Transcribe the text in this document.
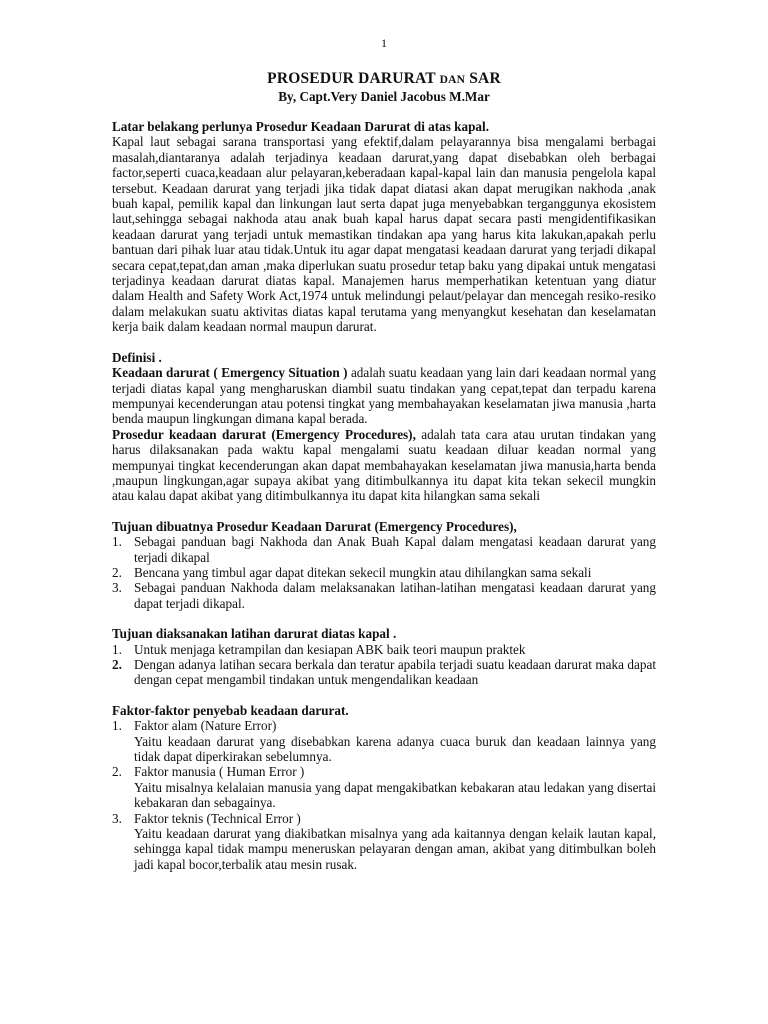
1
PROSEDUR DARURAT DAN SAR
By, Capt.Very Daniel Jacobus M.Mar
Latar belakang perlunya Prosedur Keadaan Darurat di atas kapal.

Kapal laut sebagai sarana transportasi yang efektif,dalam pelayarannya bisa mengalami berbagai masalah,diantaranya adalah terjadinya keadaan darurat,yang dapat disebabkan oleh berbagai factor,seperti cuaca,keadaan alur pelayaran,keberadaan kapal-kapal lain dan manusia pengelola kapal tersebut. Keadaan darurat yang terjadi jika tidak dapat diatasi akan dapat merugikan nakhoda ,anak buah kapal, pemilik kapal dan linkungan laut serta dapat juga menyebabkan terganggunya ekosistem laut,sehingga sebagai nakhoda atau anak buah kapal harus dapat secara pasti mengidentifikasikan keadaan darurat yang terjadi untuk memastikan tindakan apa yang harus kita lakukan,apakah perlu bantuan dari pihak luar atau tidak.Untuk itu agar dapat mengatasi keadaan darurat yang terjadi dikapal secara cepat,tepat,dan aman ,maka diperlukan suatu prosedur tetap baku yang dipakai untuk mengatasi terjadinya keadaan darurat diatas kapal. Manajemen harus memperhatikan ketentuan yang diatur dalam Health and Safety Work Act,1974 untuk melindungi pelaut/pelayar dan mencegah resiko-resiko dalam melakukan suatu aktivitas diatas kapal terutama yang menyangkut kesehatan dan keselamatan kerja baik dalam keadaan normal maupun darurat.

Definisi .

Keadaan darurat ( Emergency Situation ) adalah suatu keadaan yang lain dari keadaan normal yang terjadi diatas kapal yang mengharuskan diambil suatu tindakan yang cepat,tepat dan terpadu karena mempunyai kecenderungan atau potensi tingkat yang membahayakan keselamatan jiwa manusia ,harta benda maupun lingkungan dimana kapal berada.

Prosedur keadaan darurat (Emergency Procedures), adalah tata cara atau urutan tindakan yang harus dilaksanakan pada waktu kapal mengalami suatu keadaan diluar keadan normal yang mempunyai tingkat kecenderungan akan dapat membahayakan keselamatan jiwa manusia,harta benda ,maupun lingkungan,agar supaya akibat yang ditimbulkannya itu dapat kita tekan sekecil mungkin atau kalau dapat akibat yang ditimbulkannya itu dapat kita hilangkan sama sekali

Tujuan dibuatnya Prosedur Keadaan Darurat (Emergency Procedures),
1. Sebagai panduan bagi Nakhoda dan Anak Buah Kapal dalam mengatasi keadaan darurat yang terjadi dikapal
2. Bencana yang timbul agar dapat ditekan sekecil mungkin atau dihilangkan sama sekali
3. Sebagai panduan Nakhoda dalam melaksanakan latihan-latihan mengatasi keadaan darurat yang dapat terjadi dikapal.
Tujuan diaksanakan latihan darurat diatas kapal .
1. Untuk menjaga ketrampilan dan kesiapan ABK baik teori maupun praktek
2. Dengan adanya latihan secara berkala dan teratur apabila terjadi suatu keadaan darurat maka dapat dengan cepat mengambil tindakan untuk mengendalikan keadaan
Faktor-faktor penyebab keadaan darurat.
1. Faktor alam (Nature Error)
Yaitu keadaan darurat yang disebabkan karena adanya cuaca buruk dan keadaan lainnya yang tidak dapat diperkirakan sebelumnya.
2. Faktor manusia ( Human Error )
Yaitu misalnya kelalaian manusia yang dapat mengakibatkan kebakaran atau ledakan yang disertai kebakaran dan sebagainya.
3. Faktor teknis (Technical Error )
Yaitu keadaan darurat yang diakibatkan misalnya yang ada kaitannya dengan kelaik lautan kapal, sehingga kapal tidak mampu meneruskan pelayaran dengan aman, akibat yang ditimbulkan boleh jadi kapal bocor,terbalik atau mesin rusak.
